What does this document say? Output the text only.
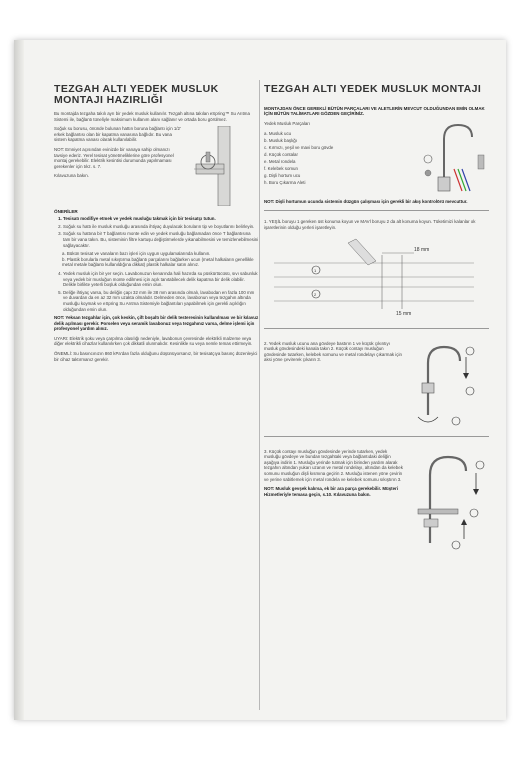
TEZGAH ALTI YEDEK MUSLUK MONTAJI HAZIRLIĞI

Bu montajda tezgaha takılı ayrı bir yedek musluk kullanılır. Tezgah altına takılan eSpring™ Su Arıtma Sistemi ile, bağlantı tüneliyle maksimum kullanım alanı sağlanır ve ortada boru görülmez.

Soğuk su borusu, önünde bulunan hattın boruna bağlantı için 1/2' erkek bağlantısı olan bir kapatma vanasına bağlıdır. Bu vana sistem kapatma vanası olarak kullanılabilir.

NOT: Emniyet açısından evinizde bir vanaya sahip olmanızı tavsiye ederiz. Yerel tesisat yönetmeliklerine göre profesyonel montaj gerekebilir. Elektrik kesintisi durumunda yapılmaması gerekenler için tıkz. s. 7.

Kılavuzuna bakın.

ÖNERİLER
1. Tesisatı modifiye etmek ve yedek musluğu takmak için bir tesisatçı tutun.
2. Soğuk su hattı ile musluk musluğu arasında ihtiyaç duyulacak boruların tip ve boyutlarını belirleyin.
3. Soğuk su hattına bir T bağlantısı monte edin ve yedek musluğu bağlamadan önce T bağlantısına tam bir vana takın. Bu, sisteminin filtre kartuşu değiştirmelerde yıkanabilmesini ve temizlenebilmesini sağlayacaktır.
a. Bükün tesisat ve vanaların bazı işleri için uygun uygulamalarında kullanın.
b. Plastik borularla metal sıkıştırma bağlantı parçalarını bağlarken ucun (metal halkaların genellikle metal metale bağlantı kullanıldığına dikkat) plastik halkalar satın alınız.
4. Yedek musluk için bir yer seçin. Lavabonuzun kenarında hali hazırda su püskürtücüsü, sıvı sabunluk veya yedek bir musluğun monte edilmesi için açık tanıtabilecek delik kapatma bir delik olabilir. Delikle birlikte yeterli boşluk olduğundan emin olun.
5. Deliğe ihtiyaç varsa, bu deliğin çapı 32 mm ile 38 mm arasında olmalı, lavabodan en fazla 100 mm ve duvardan da en az 32 mm uzakta olmalıdır. Delmeden önce, lavabonun veya tezgahın altında musluğu koymak ve eSpring Su Arıtma Sistemiyle bağlantıları yapabilmek için gerekli açıklığın olduğundan emin olun.

NOT: Yeksan tezgahlar için, çok keskin, çift boşaltı bir delik testeresinin kullanılması ve bir kılavuz delik açılması gerekir. Porselen veya seramik lavabonuz veya tezgahınız varsa, delme işlemi için profesyonel yardım alınız.

UYARI: Elektrik şoku veya çarpılma olasılığı nedeniyle, lavabonun çevresinde elektrikli malzeme veya diğer elektrikli cihazlar kullanılırken çok dikkatli olunmalıdır. Kesinlikle su veya nemle temas ettirmeyin.

ÖNEMLİ: Su basıncınızın 860 kPa'dan fazla olduğunu düşünüyorsanız, bir tesisatçıya basınç düzenleyici bir cihaz taktırmanız gerekir.

TEZGAH ALTI YEDEK MUSLUK MONTAJI
MONTAJDAN ÖNCE GEREKLİ BÜTÜN PARÇALARI VE ALETLERİN MEVCUT OLDUĞUNDAN EMİN OLMAK İÇİN BÜTÜN TALİMATLARI GÖZDEN GEÇİRİNİZ.
Yedek Musluk Parçaları
a. Musluk ucu
b. Musluk başlığı
c. Kırmızı, yeşil ve mavi boru gövde
d. Küçük contalar
e. Metal rondela
f. Kelebek somun
g. Dişli hortum ucu
h. Boru Çıkarma Aleti

NOT: Dişli hortumun ucunda sistemin düzgün çalışması için gerekli bir akış kontrolörü mevcuttur.

1. YEŞİL boruyu 1 gereken üst konuma koyun ve MAVİ boruyu 2 da alt konuma koyun. Tüketimizi kalanlar ok işaretlerinin olduğu yerleri işaretleyin.

18 mm
15 mm
1
2

2. Yedek musluk ucunu ana gövdeye bastırın 1 ve küçük çıkıntıyı musluk gövdesindeki kanala takın 2. Küçük contayı musluğun gövdesinde tutarken, kelebek somunu ve metal rondelayı çıkarmak için aksi yöne çevirerek çıkarın 3.

3. Küçük contayı musluğun gövdesinde yerinde tutarken, yedek musluğu gövdeye ve bundan tezgahtaki veya bağlantıdaki deliğin aşağıya indirin 1. Musluğu yerinde tutmak için birinden yardım alarak tezgahın altından yukarı uzanın ve metal rondelayı, altından da kelebek somunu musluğun dişli kısmına geçirin 2. Musluğu istenen yöne çevirin ve yerine sabitlemek için metal rondela ve kelebek somunu sıkıştırın 3.

NOT: Musluk gevşek kalırsa, ek bir ara parça gerekebilir. Müşteri Hizmetleriyle temasa geçin, s.10. Kılavuzuna bakın.
